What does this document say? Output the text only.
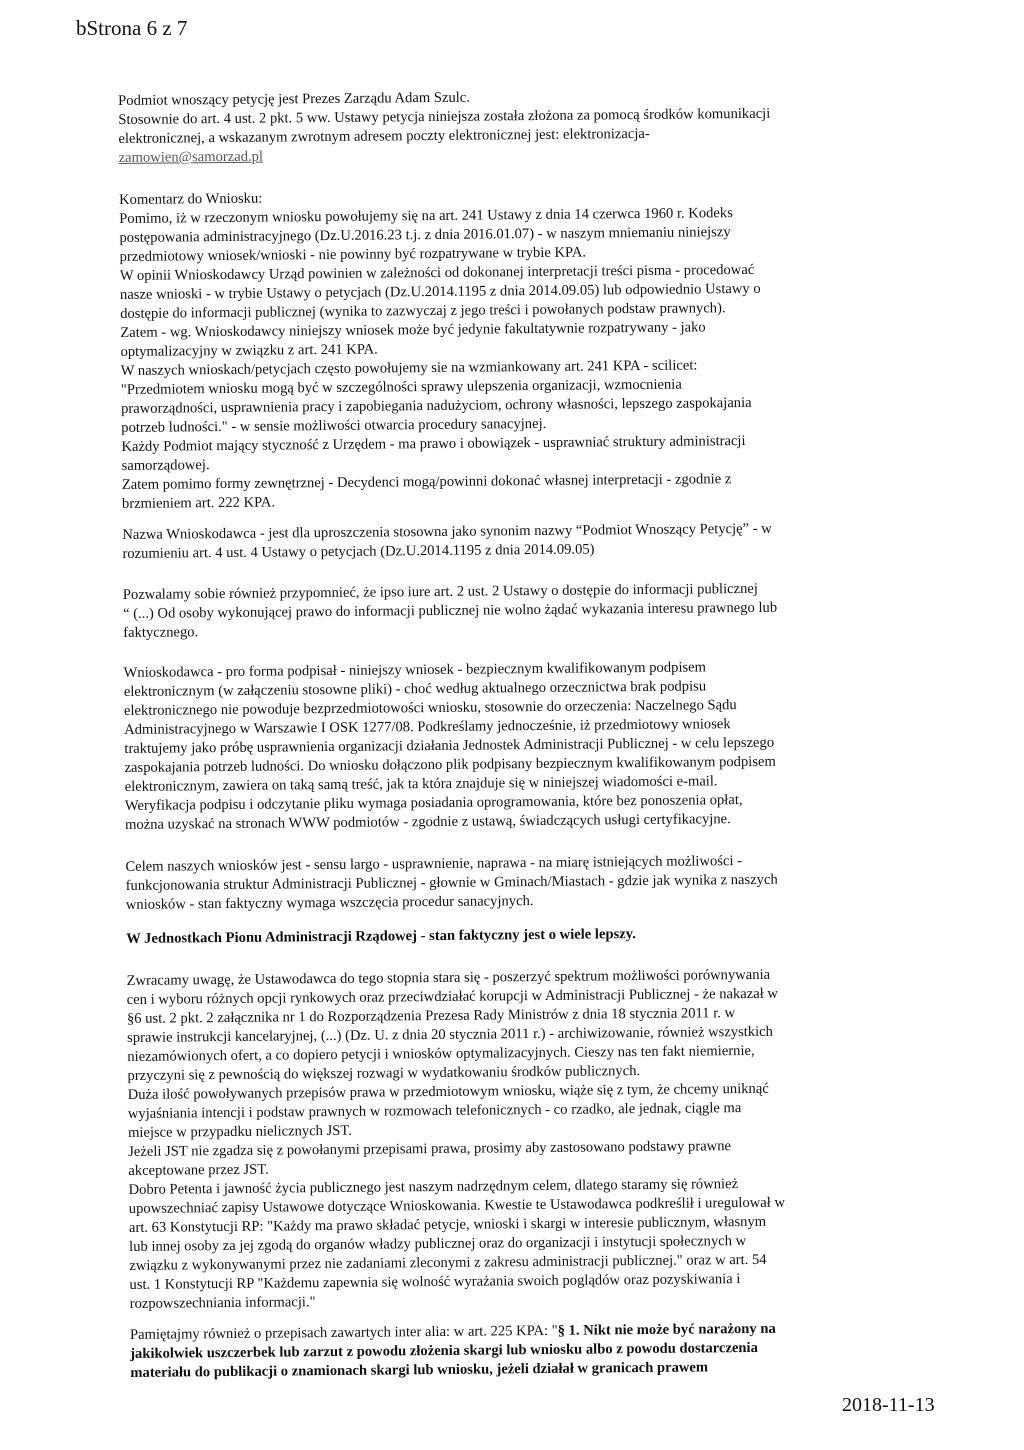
bStrona 6 z 7
Podmiot wnoszący petycję jest Prezes Zarządu Adam Szulc.
Stosownie do art. 4 ust. 2 pkt. 5 ww. Ustawy petycja niniejsza została złożona za pomocą środków komunikacji
elektronicznej, a wskazanym zwrotnym adresem poczty elektronicznej jest: elektronizacja-
zamowien@samorzad.pl
Komentarz do Wniosku:
Pomimo, iż w rzeczonym wniosku powołujemy się na art. 241 Ustawy z dnia 14 czerwca 1960 r. Kodeks
postępowania administracyjnego (Dz.U.2016.23 t.j. z dnia 2016.01.07) - w naszym mniemaniu niniejszy
przedmiotowy wniosek/wnioski - nie powinny być rozpatrywane w trybie KPA.
W opinii Wnioskodawcy Urząd powinien w zależności od dokonanej interpretacji treści pisma - procedować
nasze wnioski - w trybie Ustawy o petycjach (Dz.U.2014.1195 z dnia 2014.09.05) lub odpowiednio Ustawy o
dostępie do informacji publicznej (wynika to zazwyczaj z jego treści i powołanych podstaw prawnych).
Zatem - wg. Wnioskodawcy niniejszy wniosek może być jedynie fakultatywnie rozpatrywany - jako
optymalizacyjny w związku z art. 241 KPA.
W naszych wnioskach/petycjach często powołujemy sie na wzmiankowany art. 241 KPA - scilicet:
"Przedmiotem wniosku mogą być w szczególności sprawy ulepszenia organizacji, wzmocnienia
praworządności, usprawnienia pracy i zapobiegania nadużyciom, ochrony własności, lepszego zaspokajania
potrzeb ludności." - w sensie możliwości otwarcia procedury sanacyjnej.
Każdy Podmiot mający styczność z Urzędem - ma prawo i obowiązek - usprawniać struktury administracji
samorządowej.
Zatem pomimo formy zewnętrznej - Decydenci mogą/powinni dokonać własnej interpretacji - zgodnie z
brzmieniem art. 222 KPA.
Nazwa Wnioskodawca - jest dla uproszczenia stosowna jako synonim nazwy “Podmiot Wnoszący Petycję” - w
rozumieniu art. 4 ust. 4 Ustawy o petycjach (Dz.U.2014.1195 z dnia 2014.09.05)
Pozwalamy sobie również przypomnieć, że ipso iure art. 2 ust. 2 Ustawy o dostępie do informacji publicznej
“ (...) Od osoby wykonującej prawo do informacji publicznej nie wolno żądać wykazania interesu prawnego lub
faktycznego.
Wnioskodawca - pro forma podpisał - niniejszy wniosek - bezpiecznym kwalifikowanym podpisem
elektronicznym (w załączeniu stosowne pliki) - choć według aktualnego orzecznictwa brak podpisu
elektronicznego nie powoduje bezprzedmiotowości wniosku, stosownie do orzeczenia: Naczelnego Sądu
Administracyjnego w Warszawie I OSK 1277/08. Podkreślamy jednocześnie, iż przedmiotowy wniosek
traktujemy jako próbę usprawnienia organizacji działania Jednostek Administracji Publicznej - w celu lepszego
zaspokajania potrzeb ludności. Do wniosku dołączono plik podpisany bezpiecznym kwalifikowanym podpisem
elektronicznym, zawiera on taką samą treść, jak ta która znajduje się w niniejszej wiadomości e-mail.
Weryfikacja podpisu i odczytanie pliku wymaga posiadania oprogramowania, które bez ponoszenia opłat,
można uzyskać na stronach WWW podmiotów - zgodnie z ustawą, świadczących usługi certyfikacyjne.
Celem naszych wniosków jest - sensu largo - usprawnienie, naprawa - na miarę istniejących możliwości -
funkcjonowania struktur Administracji Publicznej - głownie w Gminach/Miastach - gdzie jak wynika z naszych
wniosków - stan faktyczny wymaga wszczęcia procedur sanacyjnych.
W Jednostkach Pionu Administracji Rządowej - stan faktyczny jest o wiele lepszy.
Zwracamy uwagę, że Ustawodawca do tego stopnia stara się - poszerzyć spektrum możliwości porównywania
cen i wyboru różnych opcji rynkowych oraz przeciwdziałać korupcji w Administracji Publicznej - że nakazał w
§6 ust. 2 pkt. 2 załącznika nr 1 do Rozporządzenia Prezesa Rady Ministrów z dnia 18 stycznia 2011 r. w
sprawie instrukcji kancelaryjnej, (...) (Dz. U. z dnia 20 stycznia 2011 r.) - archiwizowanie, również wszystkich
niezamówionych ofert, a co dopiero petycji i wniosków optymalizacyjnych. Cieszy nas ten fakt niemiernie,
przyczyni się z pewnością do większej rozwagi w wydatkowaniu środków publicznych.
Duża ilość powoływanych przepisów prawa w przedmiotowym wniosku, wiąże się z tym, że chcemy uniknąć
wyjaśniania intencji i podstaw prawnych w rozmowach telefonicznych - co rzadko, ale jednak, ciągle ma
miejsce w przypadku nielicznych JST.
Jeżeli JST nie zgadza się z powołanymi przepisami prawa, prosimy aby zastosowano podstawy prawne
akceptowane przez JST.
Dobro Petenta i jawność życia publicznego jest naszym nadrzędnym celem, dlatego staramy się również
upowszechniać zapisy Ustawowe dotyczące Wnioskowania. Kwestie te Ustawodawca podkreślił i uregulował w
art. 63 Konstytucji RP: "Każdy ma prawo składać petycje, wnioski i skargi w interesie publicznym, własnym
lub innej osoby za jej zgodą do organów władzy publicznej oraz do organizacji i instytucji społecznych w
związku z wykonywanymi przez nie zadaniami zleconymi z zakresu administracji publicznej." oraz w art. 54
ust. 1 Konstytucji RP "Każdemu zapewnia się wolność wyrażania swoich poglądów oraz pozyskiwania i
rozpowszechniania informacji."
Pamiętajmy również o przepisach zawartych inter alia: w art. 225 KPA: "§ 1. Nikt nie może być narażony na
jakikolwiek uszczerbek lub zarzut z powodu złożenia skargi lub wniosku albo z powodu dostarczenia
materiału do publikacji o znamionach skargi lub wniosku, jeżeli działał w granicach prawem
2018-11-13
